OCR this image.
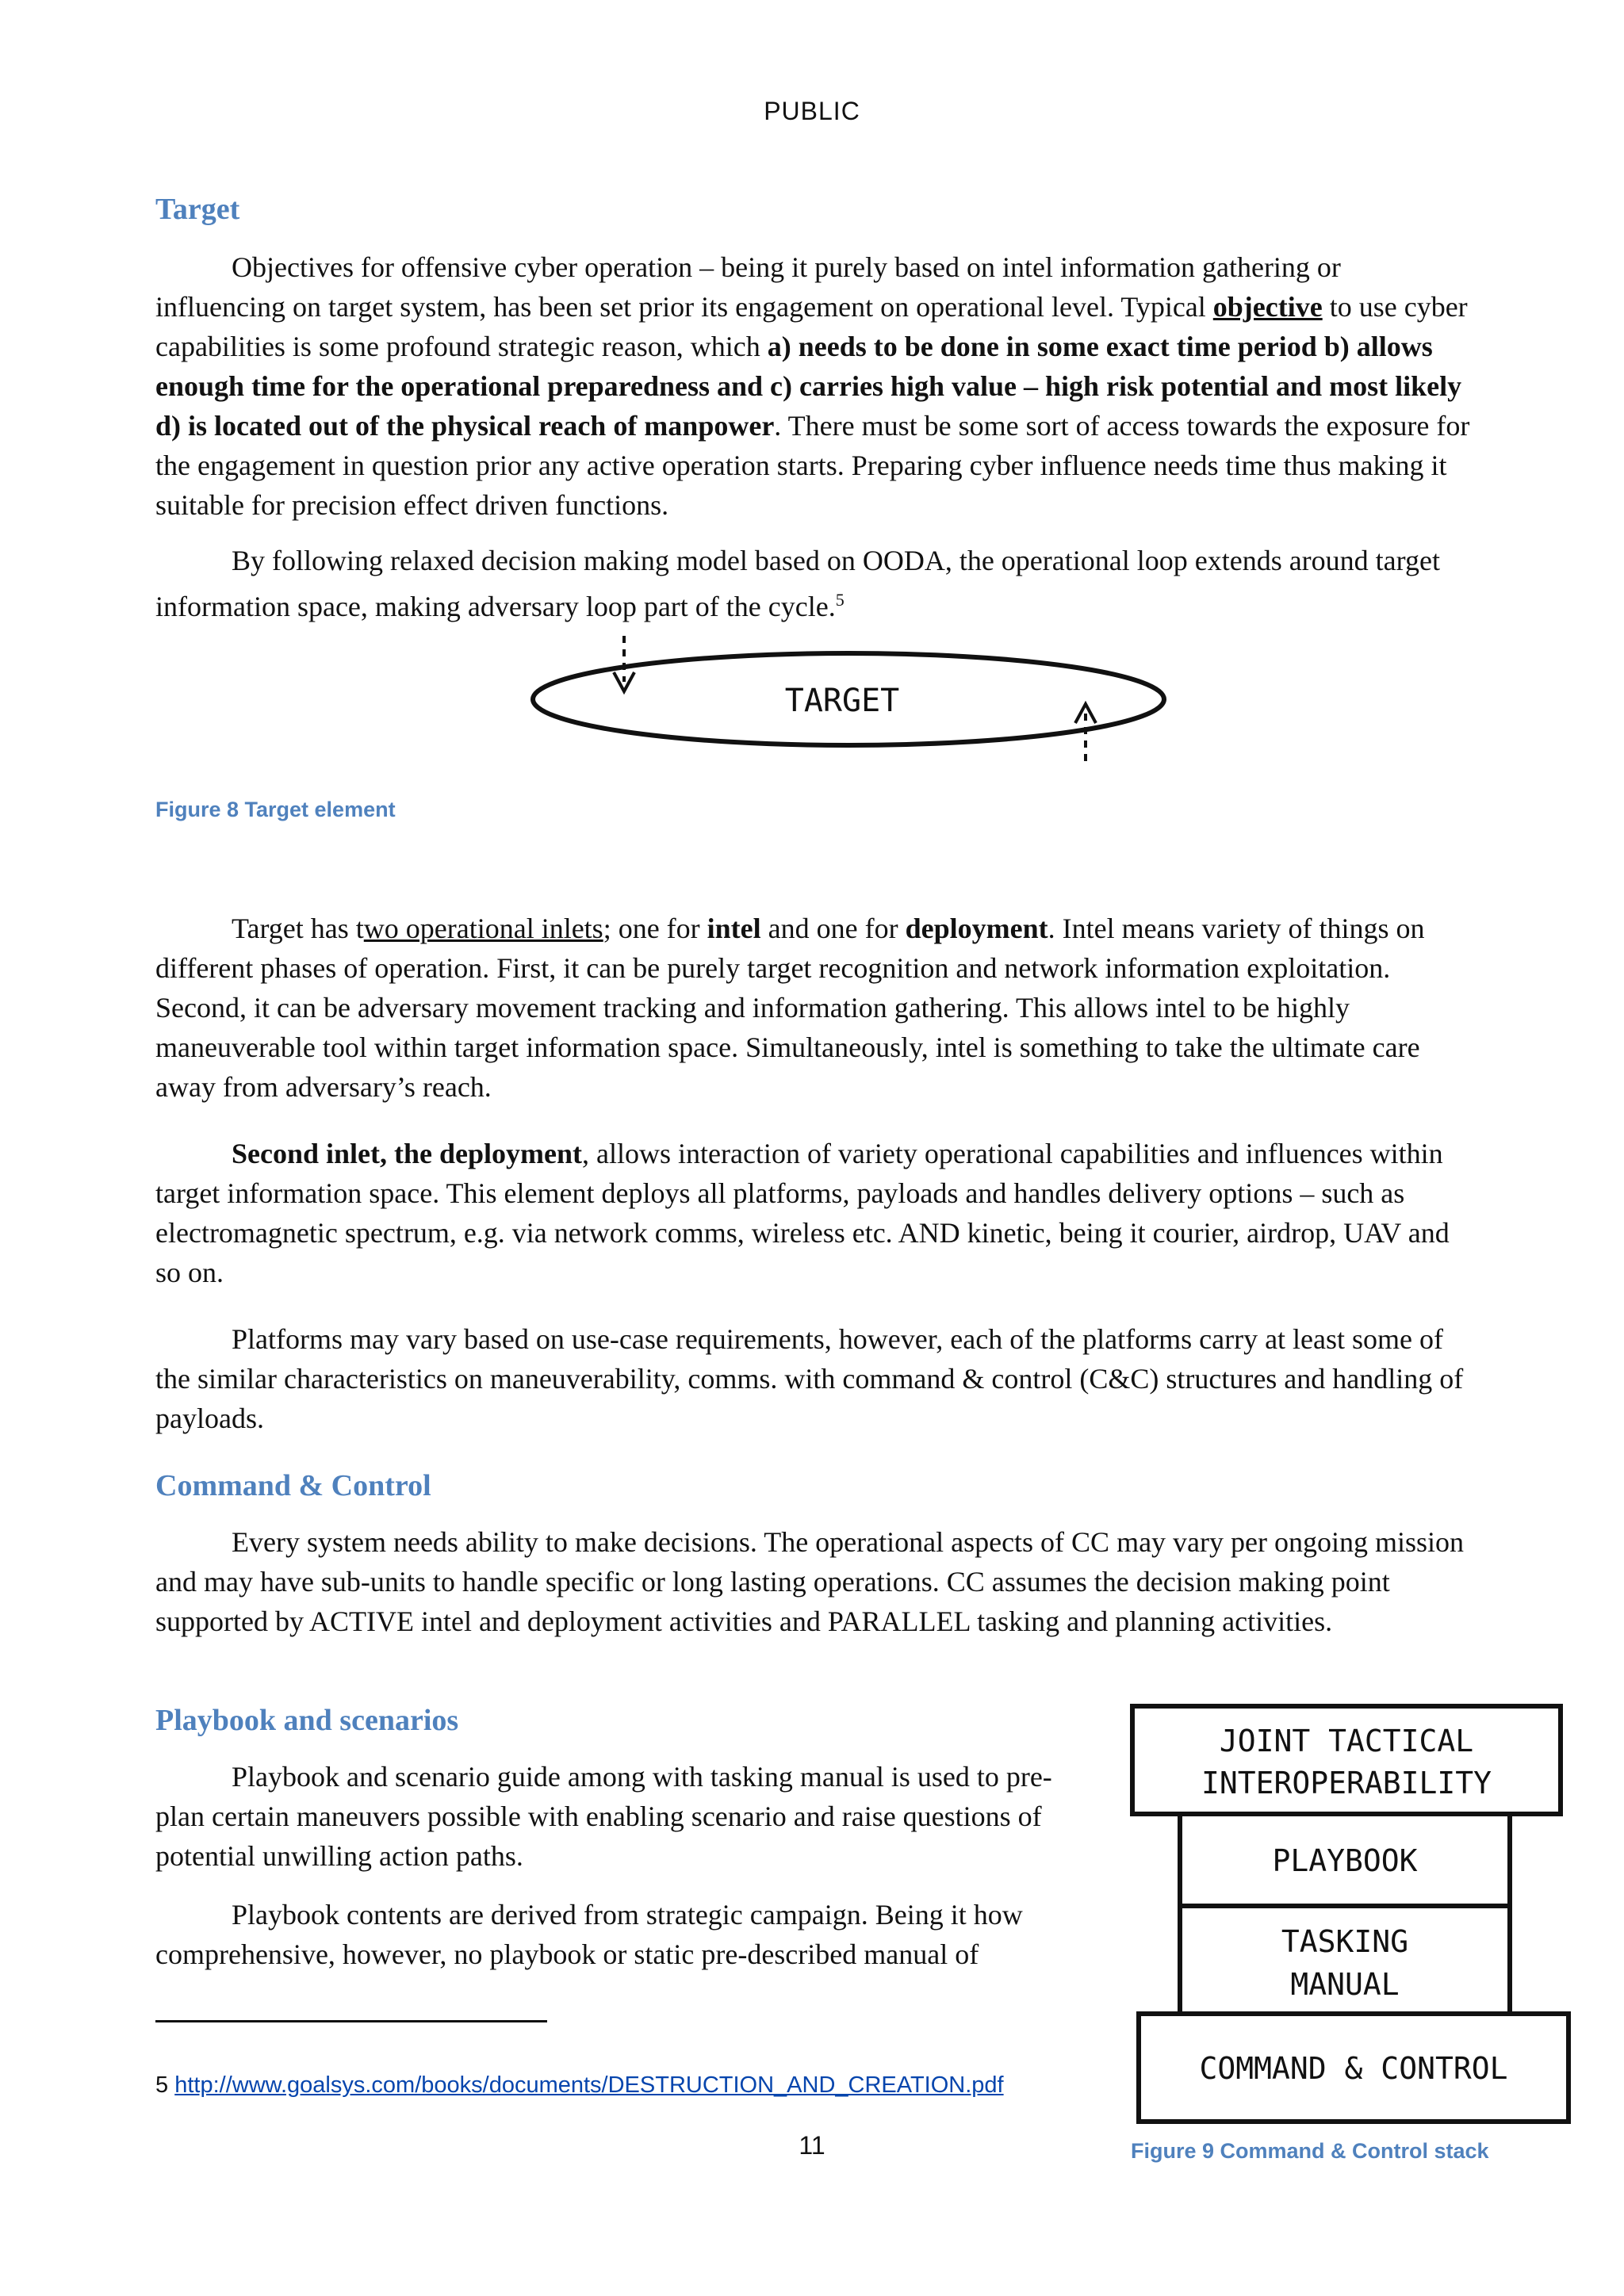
PUBLIC
Target

Objectives for offensive cyber operation – being it purely based on intel information gathering or influencing on target system, has been set prior its engagement on operational level. Typical objective to use cyber capabilities is some profound strategic reason, which a) needs to be done in some exact time period b) allows enough time for the operational preparedness and c) carries high value – high risk potential and most likely d) is located out of the physical reach of manpower. There must be some sort of access towards the exposure for the engagement in question prior any active operation starts. Preparing cyber influence needs time thus making it suitable for precision effect driven functions.

By following relaxed decision making model based on OODA, the operational loop extends around target information space, making adversary loop part of the cycle.$^5$

TARGET
Figure 8 Target element

Target has two operational inlets; one for intel and one for deployment. Intel means variety of things on different phases of operation. First, it can be purely target recognition and network information exploitation. Second, it can be adversary movement tracking and information gathering. This allows intel to be highly maneuverable tool within target information space. Simultaneously, intel is something to take the ultimate care away from adversary’s reach.

Second inlet, the deployment, allows interaction of variety operational capabilities and influences within target information space. This element deploys all platforms, payloads and handles delivery options – such as electromagnetic spectrum, e.g. via network comms, wireless etc. AND kinetic, being it courier, airdrop, UAV and so on.

Platforms may vary based on use-case requirements, however, each of the platforms carry at least some of the similar characteristics on maneuverability, comms. with command & control (C&C) structures and handling of payloads.

Command & Control

Every system needs ability to make decisions. The operational aspects of CC may vary per ongoing mission and may have sub-units to handle specific or long lasting operations. CC assumes the decision making point supported by ACTIVE intel and deployment activities and PARALLEL tasking and planning activities.

Playbook and scenarios

Playbook and scenario guide among with tasking manual is used to pre-plan certain maneuvers possible with enabling scenario and raise questions of potential unwilling action paths.

Playbook contents are derived from strategic campaign. Being it how comprehensive, however, no playbook or static pre-described manual of

JOINT TACTICAL
INTEROPERABILITY
PLAYBOOK
TASKING
MANUAL
COMMAND & CONTROL
Figure 9 Command & Control stack
5 http://www.goalsys.com/books/documents/DESTRUCTION_AND_CREATION.pdf
11
